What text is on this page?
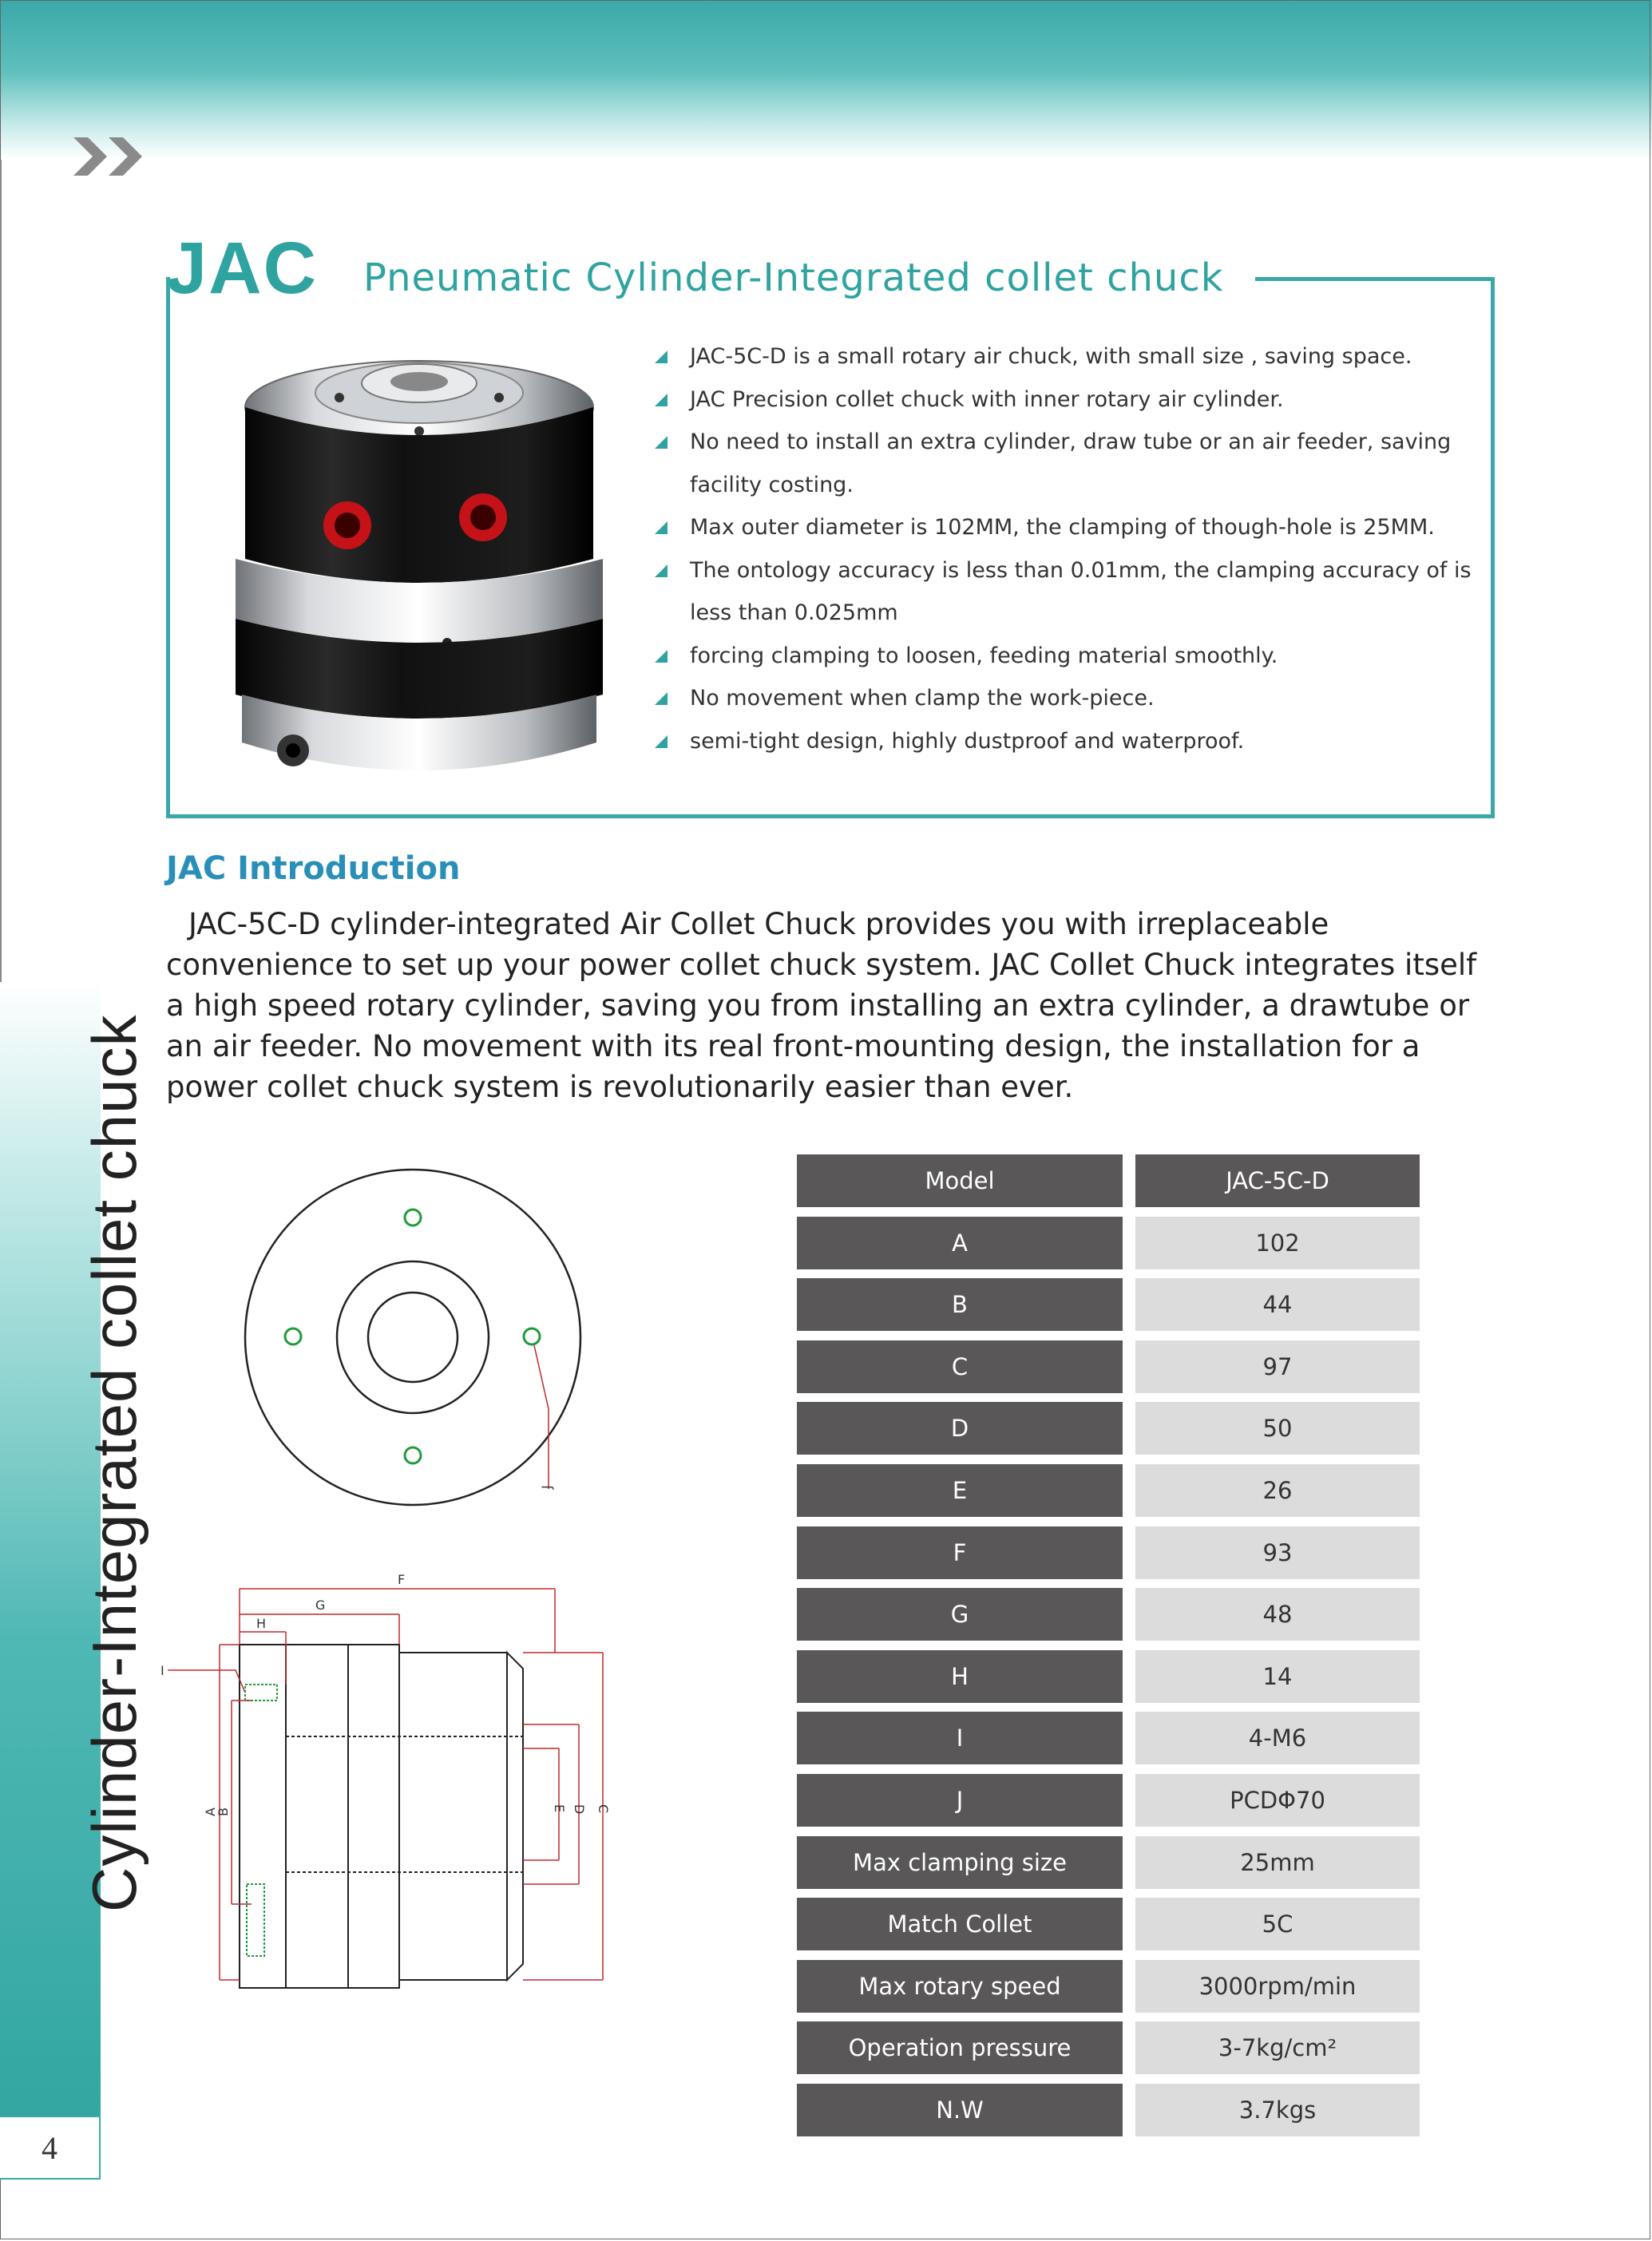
JAC Pneumatic Cylinder-Integrated collet chuck
JAC-5C-D is a small rotary air chuck, with small size , saving space.
JAC Precision collet chuck with inner rotary air cylinder.
No need to install an extra cylinder, draw tube or an air feeder, saving facility costing.
Max outer diameter is 102MM, the clamping of though-hole is 25MM.
The ontology accuracy is less than 0.01mm, the clamping accuracy of is less than 0.025mm
forcing clamping to loosen, feeding material smoothly.
No movement when clamp the work-piece.
semi-tight design, highly dustproof and waterproof.
JAC Introduction

JAC-5C-D cylinder-integrated Air Collet Chuck provides you with irreplaceable convenience to set up your power collet chuck system. JAC Collet Chuck integrates itself a high speed rotary cylinder, saving you from installing an extra cylinder, a drawtube or an air feeder. No movement with its real front-mounting design, the installation for a power collet chuck system is revolutionarily easier than ever.

J
F
G
H
I
A
B	E D C
Model	JAC-5C-D
A	102
B	44
C	97
D	50
E	26
F	93
G	48
H	14
I	4-M6
J	PCDΦ70
Max clamping size	25mm
Match Collet	5C
Max rotary speed	3000rpm/min
Operation pressure	3-7kg/cm²
N.W	3.7kgs
Cylinder-Integrated collet chuck
4
